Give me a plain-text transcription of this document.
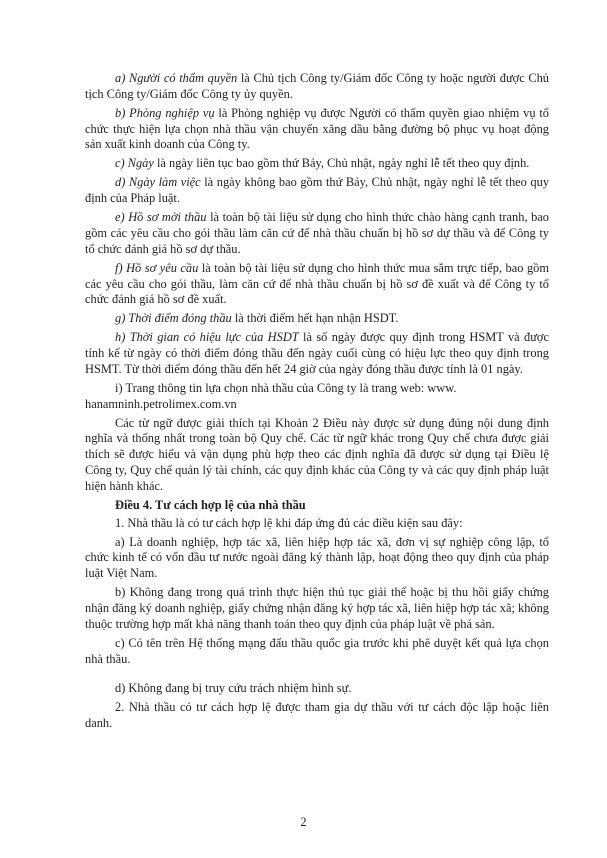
a) Người có thẩm quyền là Chủ tịch Công ty/Giám đốc Công ty hoặc người được Chủ tịch Công ty/Giám đốc Công ty ủy quyền.

b) Phòng nghiệp vụ là Phòng nghiệp vụ được Người có thẩm quyền giao nhiệm vụ tổ chức thực hiện lựa chọn nhà thầu vận chuyển xăng dầu bằng đường bộ phục vụ hoạt động sản xuất kinh doanh của Công ty.

c) Ngày là ngày liên tục bao gồm thứ Bảy, Chủ nhật, ngày nghỉ lễ tết theo quy định.

d) Ngày làm việc là ngày không bao gồm thứ Bảy, Chủ nhật, ngày nghỉ lễ tết theo quy định của Pháp luật.

e) Hồ sơ mời thầu là toàn bộ tài liệu sử dụng cho hình thức chào hàng cạnh tranh, bao gồm các yêu cầu cho gói thầu làm căn cứ để nhà thầu chuẩn bị hồ sơ dự thầu và để Công ty tổ chức đánh giá hồ sơ dự thầu.

f) Hồ sơ yêu cầu là toàn bộ tài liệu sử dụng cho hình thức mua sắm trực tiếp, bao gồm các yêu cầu cho gói thầu, làm căn cứ để nhà thầu chuẩn bị hồ sơ đề xuất và để Công ty tổ chức đánh giá hồ sơ đề xuất.

g) Thời điểm đóng thầu là thời điểm hết hạn nhận HSDT.

h) Thời gian có hiệu lực của HSDT là số ngày được quy định trong HSMT và được tính kể từ ngày có thời điểm đóng thầu đến ngày cuối cùng có hiệu lực theo quy định trong HSMT. Từ thời điểm đóng thầu đến hết 24 giờ của ngày đóng thầu được tính là 01 ngày.

i) Trang thông tin lựa chọn nhà thầu của Công ty là trang web: www.

hanamninh.petrolimex.com.vn

Các từ ngữ được giải thích tại Khoản 2 Điều này được sử dụng đúng nội dung định nghĩa và thống nhất trong toàn bộ Quy chế. Các từ ngữ khác trong Quy chế chưa được giải thích sẽ được hiểu và vận dụng phù hợp theo các định nghĩa đã được sử dụng tại Điều lệ Công ty, Quy chế quản lý tài chính, các quy định khác của Công ty và các quy định pháp luật hiện hành khác.

Điều 4. Tư cách hợp lệ của nhà thầu

1. Nhà thầu là có tư cách hợp lệ khi đáp ứng đủ các điều kiện sau đây:

a) Là doanh nghiệp, hợp tác xã, liên hiệp hợp tác xã, đơn vị sự nghiệp công lập, tổ chức kinh tế có vốn đầu tư nước ngoài đăng ký thành lập, hoạt động theo quy định của pháp luật Việt Nam.

b) Không đang trong quá trình thực hiện thủ tục giải thể hoặc bị thu hồi giấy chứng nhận đăng ký doanh nghiệp, giấy chứng nhận đăng ký hợp tác xã, liên hiệp hợp tác xã; không thuộc trường hợp mất khả năng thanh toán theo quy định của pháp luật về phá sản.

c) Có tên trên Hệ thống mạng đấu thầu quốc gia trước khi phê duyệt kết quả lựa chọn nhà thầu.

d) Không đang bị truy cứu trách nhiệm hình sự.

2. Nhà thầu có tư cách hợp lệ được tham gia dự thầu với tư cách độc lập hoặc liên danh.

2
